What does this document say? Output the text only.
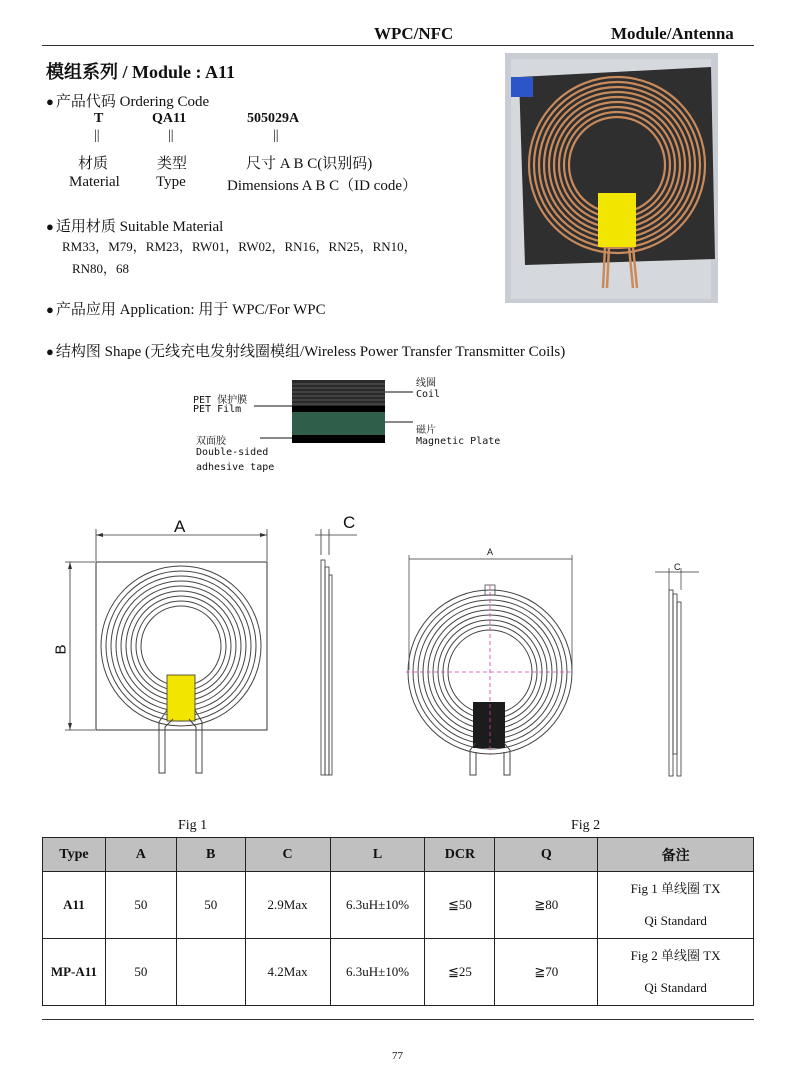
WPC/NFC	Module/Antenna
模组系列 / Module : A11
● 产品代码 Ordering Code
T	QA11	505029A
||	||	||
材质	类型	尺寸 A B C(识别码)
Material Type	Dimensions A B C（ID code）
● 适用材质 Suitable Material
RM33，M79，RM23，RW01，RW02，RN16，RN25，RN10，
RN80，68
● 产品应用 Application: 用于 WPC/For WPC
● 结构图 Shape (无线充电发射线圈模组/Wireless Power Transfer Transmitter Coils)
PET 保护膜
PET Film
双面胶
Double-sided
adhesive tape
线圈
Coil
磁片
Magnetic Plate
A
B
C
A
C
Fig 1	Fig 2
Type	A	B	C	L	DCR	Q	备注
A11	50	50	2.9Max	6.3uH±10%	≦50	≧80	Fig 1 单线圈 TX
Qi Standard

MP-A11	50		4.2Max	6.3uH±10%	≦25	≧70	Fig 2 单线圈 TX
Qi Standard
77
